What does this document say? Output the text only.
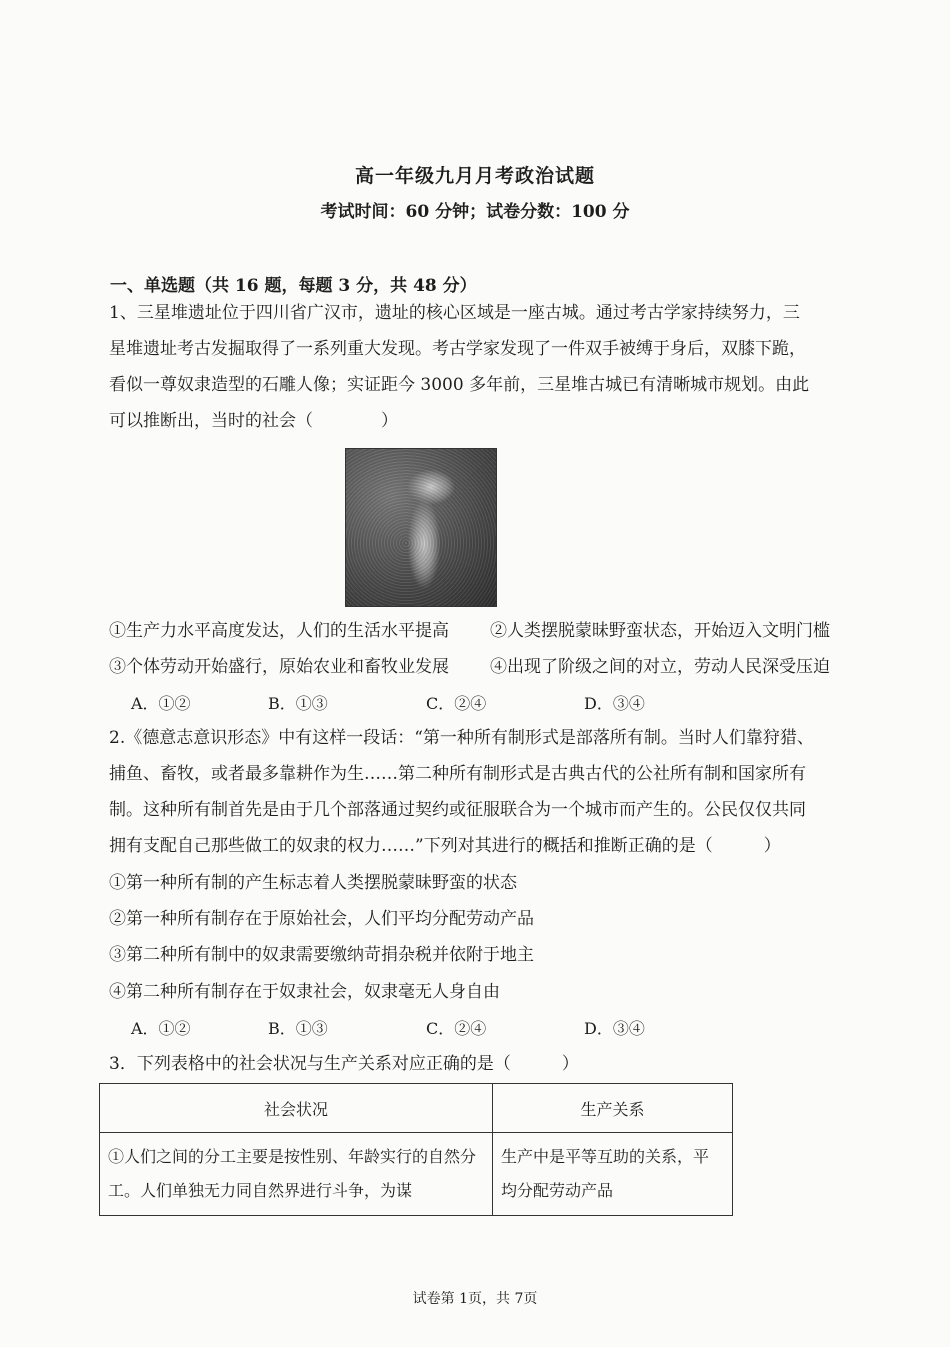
高一年级九月月考政治试题
考试时间：60 分钟；试卷分数：100 分
一、单选题（共 16 题，每题 3 分，共 48 分）
1、三星堆遗址位于四川省广汉市，遗址的核心区域是一座古城。通过考古学家持续努力，三
星堆遗址考古发掘取得了一系列重大发现。考古学家发现了一件双手被缚于身后，双膝下跪，
看似一尊奴隶造型的石雕人像；实证距今 3000 多年前，三星堆古城已有清晰城市规划。由此
可以推断出，当时的社会（　　　　）
①生产力水平高度发达，人们的生活水平提高 ②人类摆脱蒙昧野蛮状态，开始迈入文明门槛
③个体劳动开始盛行，原始农业和畜牧业发展 ④出现了阶级之间的对立，劳动人民深受压迫
A．①②	B．①③	C．②④	D．③④
2.《德意志意识形态》中有这样一段话：“第一种所有制形式是部落所有制。当时人们靠狩猎、
捕鱼、畜牧，或者最多靠耕作为生……第二种所有制形式是古典古代的公社所有制和国家所有
制。这种所有制首先是由于几个部落通过契约或征服联合为一个城市而产生的。公民仅仅共同
拥有支配自己那些做工的奴隶的权力……”下列对其进行的概括和推断正确的是（　　　）
①第一种所有制的产生标志着人类摆脱蒙昧野蛮的状态
②第一种所有制存在于原始社会，人们平均分配劳动产品
③第二种所有制中的奴隶需要缴纳苛捐杂税并依附于地主
④第二种所有制存在于奴隶社会，奴隶毫无人身自由
A．①②	B．①③	C．②④	D．③④
3．下列表格中的社会状况与生产关系对应正确的是（　　　）
社会状况	生产关系
①人们之间的分工主要是按性别、年龄实行的自然分工。人们单独无力同自然界进行斗争，为谋	生产中是平等互助的关系，平均分配劳动产品
试卷第 1页，共 7页
